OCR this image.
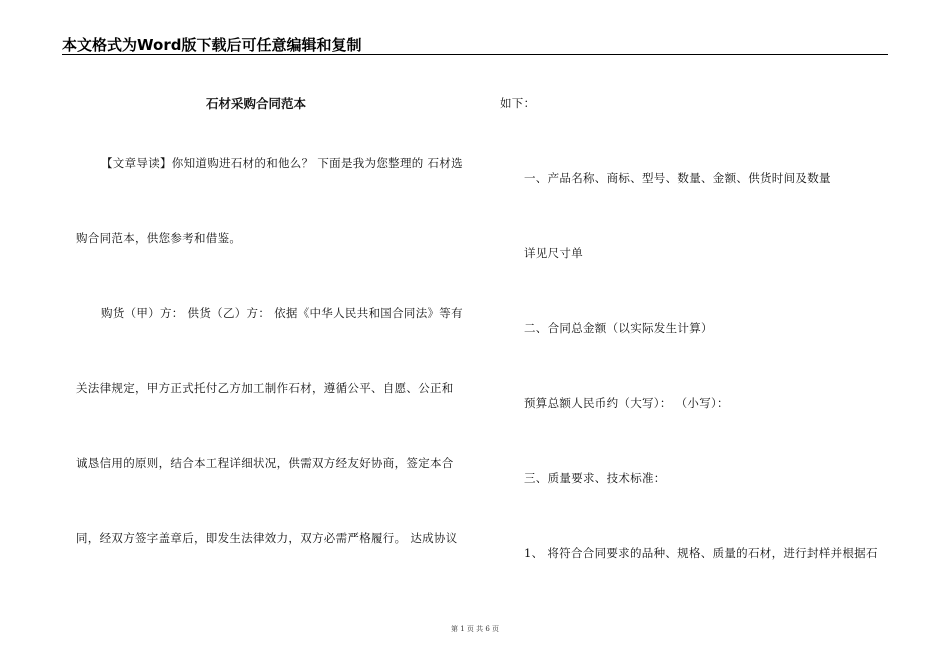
本文格式为Word版下载后可任意编辑和复制
石材采购合同范本
【文章导读】你知道购进石材的和他么？ 下面是我为您整理的 石材选
购合同范本，供您参考和借鉴。
购货（甲）方： 供货（乙）方： 依据《中华人民共和国合同法》等有
关法律规定，甲方正式托付乙方加工制作石材，遵循公平、自愿、公正和
诚恳信用的原则，结合本工程详细状况，供需双方经友好协商，签定本合
同，经双方签字盖章后，即发生法律效力，双方必需严格履行。 达成协议
如下：
一、产品名称、商标、型号、数量、金额、供货时间及数量
详见尺寸单
二、合同总金额（以实际发生计算）
预算总额人民币约（大写）： （小写）：
三、质量要求、技术标准：
1、 将符合合同要求的品种、规格、质量的石材，进行封样并根据石
第 1 页 共 6 页
